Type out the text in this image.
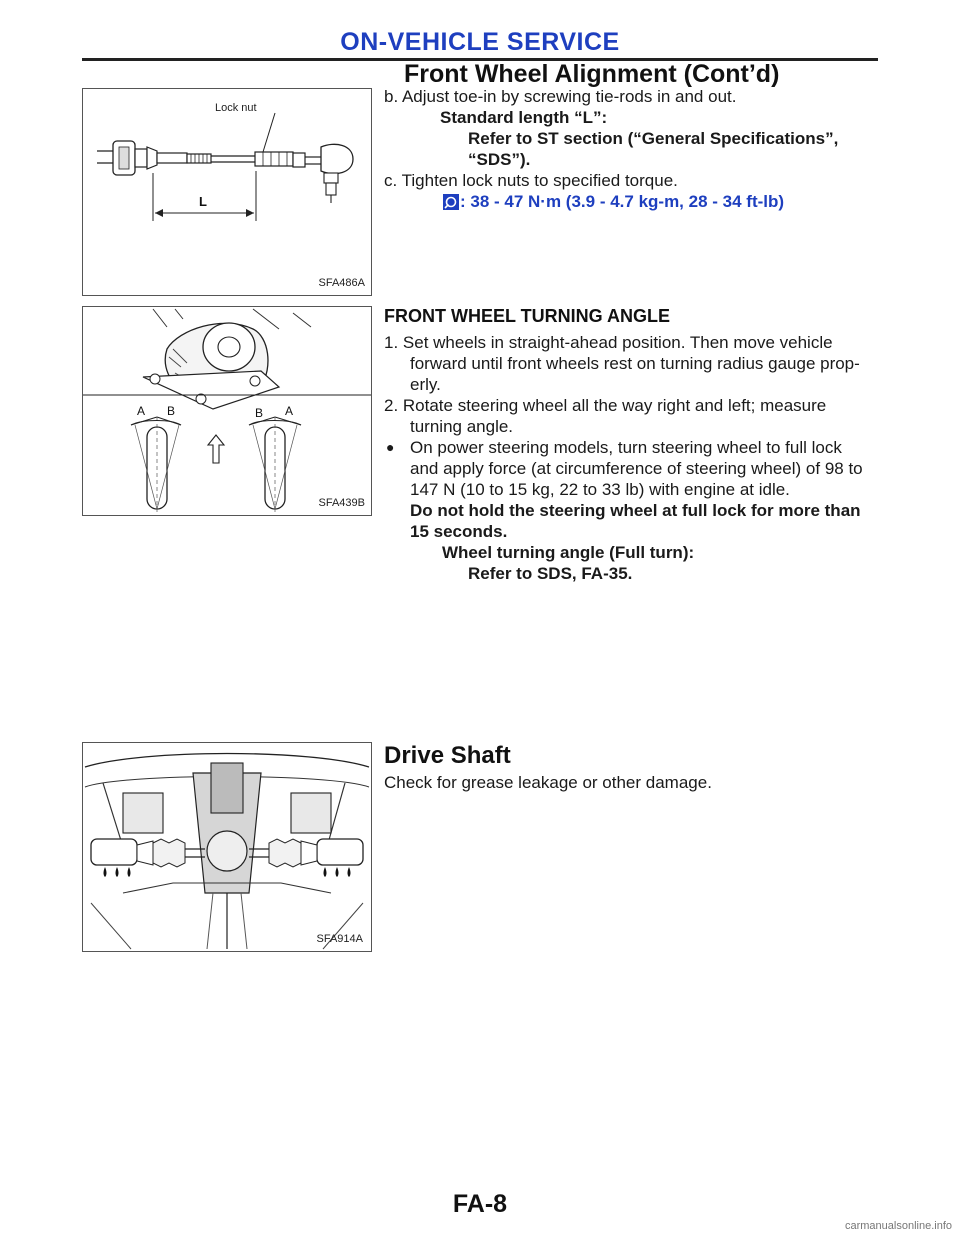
ON-VEHICLE SERVICE
Front Wheel Alignment (Cont’d)
L
Lock nut
SFA486A
b. Adjust toe-in by screwing tie-rods in and out.
Standard length “L”:
Refer to ST section (“General Specifications”,
“SDS”).
c. Tighten lock nuts to specified torque.
: 38 - 47 N·m (3.9 - 4.7 kg-m, 28 - 34 ft-lb)
A B	B A
SFA439B
FRONT WHEEL TURNING ANGLE
1. Set wheels in straight-ahead position. Then move vehicle
forward until front wheels rest on turning radius gauge prop-
erly.
2. Rotate steering wheel all the way right and left; measure
turning angle.
● On power steering models, turn steering wheel to full lock
and apply force (at circumference of steering wheel) of 98 to
147 N (10 to 15 kg, 22 to 33 lb) with engine at idle.
Do not hold the steering wheel at full lock for more than
15 seconds.
Wheel turning angle (Full turn):
Refer to SDS, FA-35.
SFA914A
Drive Shaft
Check for grease leakage or other damage.
FA-8
carmanualsonline.info
